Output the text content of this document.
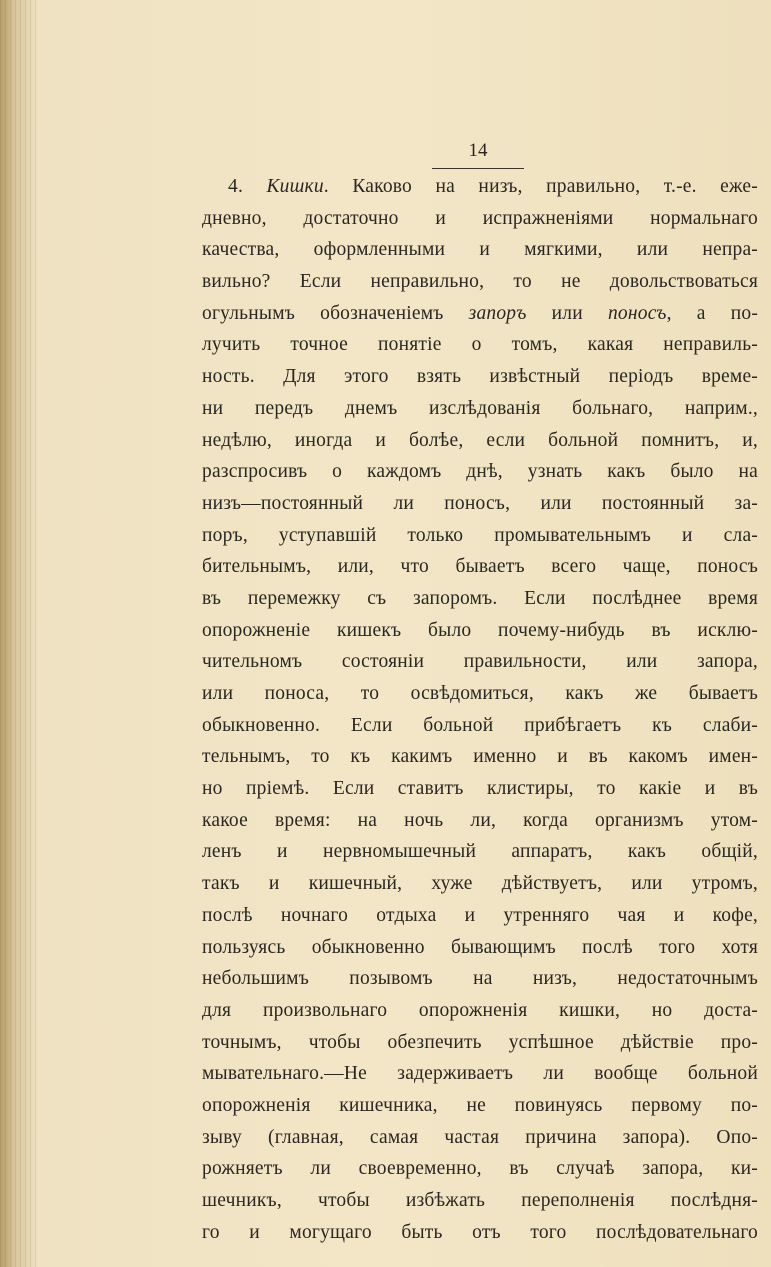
14
4. Кишки. Каково на низъ, правильно, т.-е. еже-
дневно, достаточно и испражненіями нормальнаго
качества, оформленными и мягкими, или непра-
вильно? Если неправильно, то не довольствоваться
огульнымъ обозначеніемъ запоръ или поносъ, а по-
лучить точное понятіе о томъ, какая неправиль-
ность. Для этого взять извѣстный періодъ време-
ни передъ днемъ изслѣдованія больнаго, наприм.,
недѣлю, иногда и болѣе, если больной помнитъ, и,
разспросивъ о каждомъ днѣ, узнать какъ было на
низъ—постоянный ли поносъ, или постоянный за-
поръ, уступавшій только промывательнымъ и сла-
бительнымъ, или, что бываетъ всего чаще, поносъ
въ перемежку съ запоромъ. Если послѣднее время
опорожненіе кишекъ было почему-нибудь въ исклю-
чительномъ состояніи правильности, или запора,
или поноса, то освѣдомиться, какъ же бываетъ
обыкновенно. Если больной прибѣгаетъ къ слаби-
тельнымъ, то къ какимъ именно и въ какомъ имен-
но пріемѣ. Если ставитъ клистиры, то какіе и въ
какое время: на ночь ли, когда организмъ утом-
ленъ и нервномышечный аппаратъ, какъ общій,
такъ и кишечный, хуже дѣйствуетъ, или утромъ,
послѣ ночнаго отдыха и утренняго чая и кофе,
пользуясь обыкновенно бывающимъ послѣ того хотя
небольшимъ позывомъ на низъ, недостаточнымъ
для произвольнаго опорожненія кишки, но доста-
точнымъ, чтобы обезпечить успѣшное дѣйствіе про-
мывательнаго.—Не задерживаетъ ли вообще больной
опорожненія кишечника, не повинуясь первому по-
зыву (главная, самая частая причина запора). Опо-
рожняетъ ли своевременно, въ случаѣ запора, ки-
шечникъ, чтобы избѣжать переполненія послѣдня-
го и могущаго быть отъ того послѣдовательнаго
